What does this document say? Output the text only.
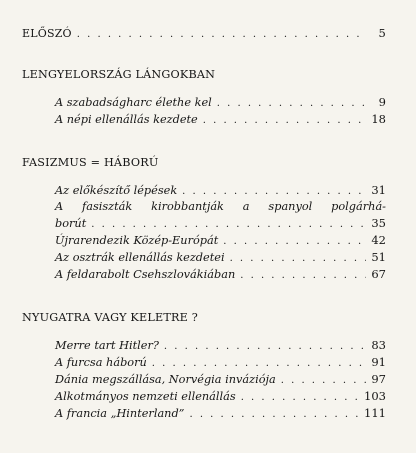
ELŐSZÓ . . .	5
LENGYELORSZÁG LÁNGOKBAN
A szabadságharc élethe kel . . .	9
A népi ellenállás kezdete . . .	18
FASIZMUS = HÁBORÚ
Az előkészítő lépések . . .	31
A fasiszták kirobbantják a spanyol polgárhá-
borút . . .	35
Újrarendezik Közép-Európát . . .	42
Az osztrák ellenállás kezdetei . . .	51
A feldarabolt Csehszlovákiában . . .	67
NYUGATRA VAGY KELETRE ?
Merre tart Hitler? . . .	83
A furcsa háború . . .	91
Dánia megszállása, Norvégia inváziója . . .	97
Alkotmányos nemzeti ellenállás . . .	103
A francia „Hinterland” . . .	111
